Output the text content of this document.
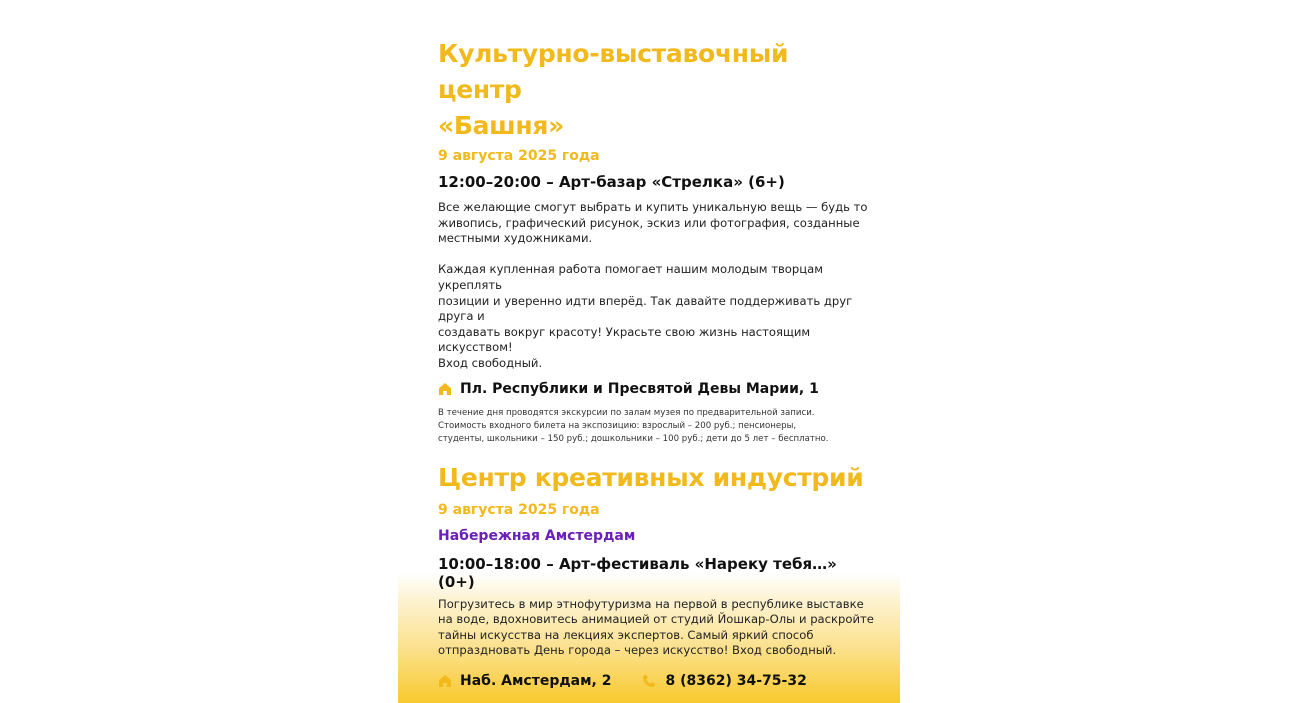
Культурно-выставочный центр
«Башня»

9 августа 2025 года

12:00–20:00 – Арт-базар «Стрелка» (6+)

Все желающие смогут выбрать и купить уникальную вещь — будь то

живопись, графический рисунок, эскиз или фотография, созданные

местными художниками.

Каждая купленная работа помогает нашим молодым творцам укреплять

позиции и уверенно идти вперёд. Так давайте поддерживать друг друга и

создавать вокруг красоту! Украсьте свою жизнь настоящим искусством!

Вход свободный.

Пл. Республики и Пресвятой Девы Марии, 1

В течение дня проводятся экскурсии по залам музея по предварительной записи.

Стоимость входного билета на экспозицию: взрослый – 200 руб.; пенсионеры,

студенты, школьники – 150 руб.; дошкольники – 100 руб.; дети до 5 лет – бесплатно.

Центр креативных индустрий

9 августа 2025 года

Набережная Амстердам

10:00–18:00 – Арт-фестиваль «Нареку тебя…» (0+)

Погрузитесь в мир этнофутуризма на первой в республике выставке

на воде, вдохновитесь анимацией от студий Йошкар-Олы и раскройте

тайны искусства на лекциях экспертов. Самый яркий способ

отпраздновать День города – через искусство! Вход свободный.

Наб. Амстердам, 2	8 (8362) 34-75-32
